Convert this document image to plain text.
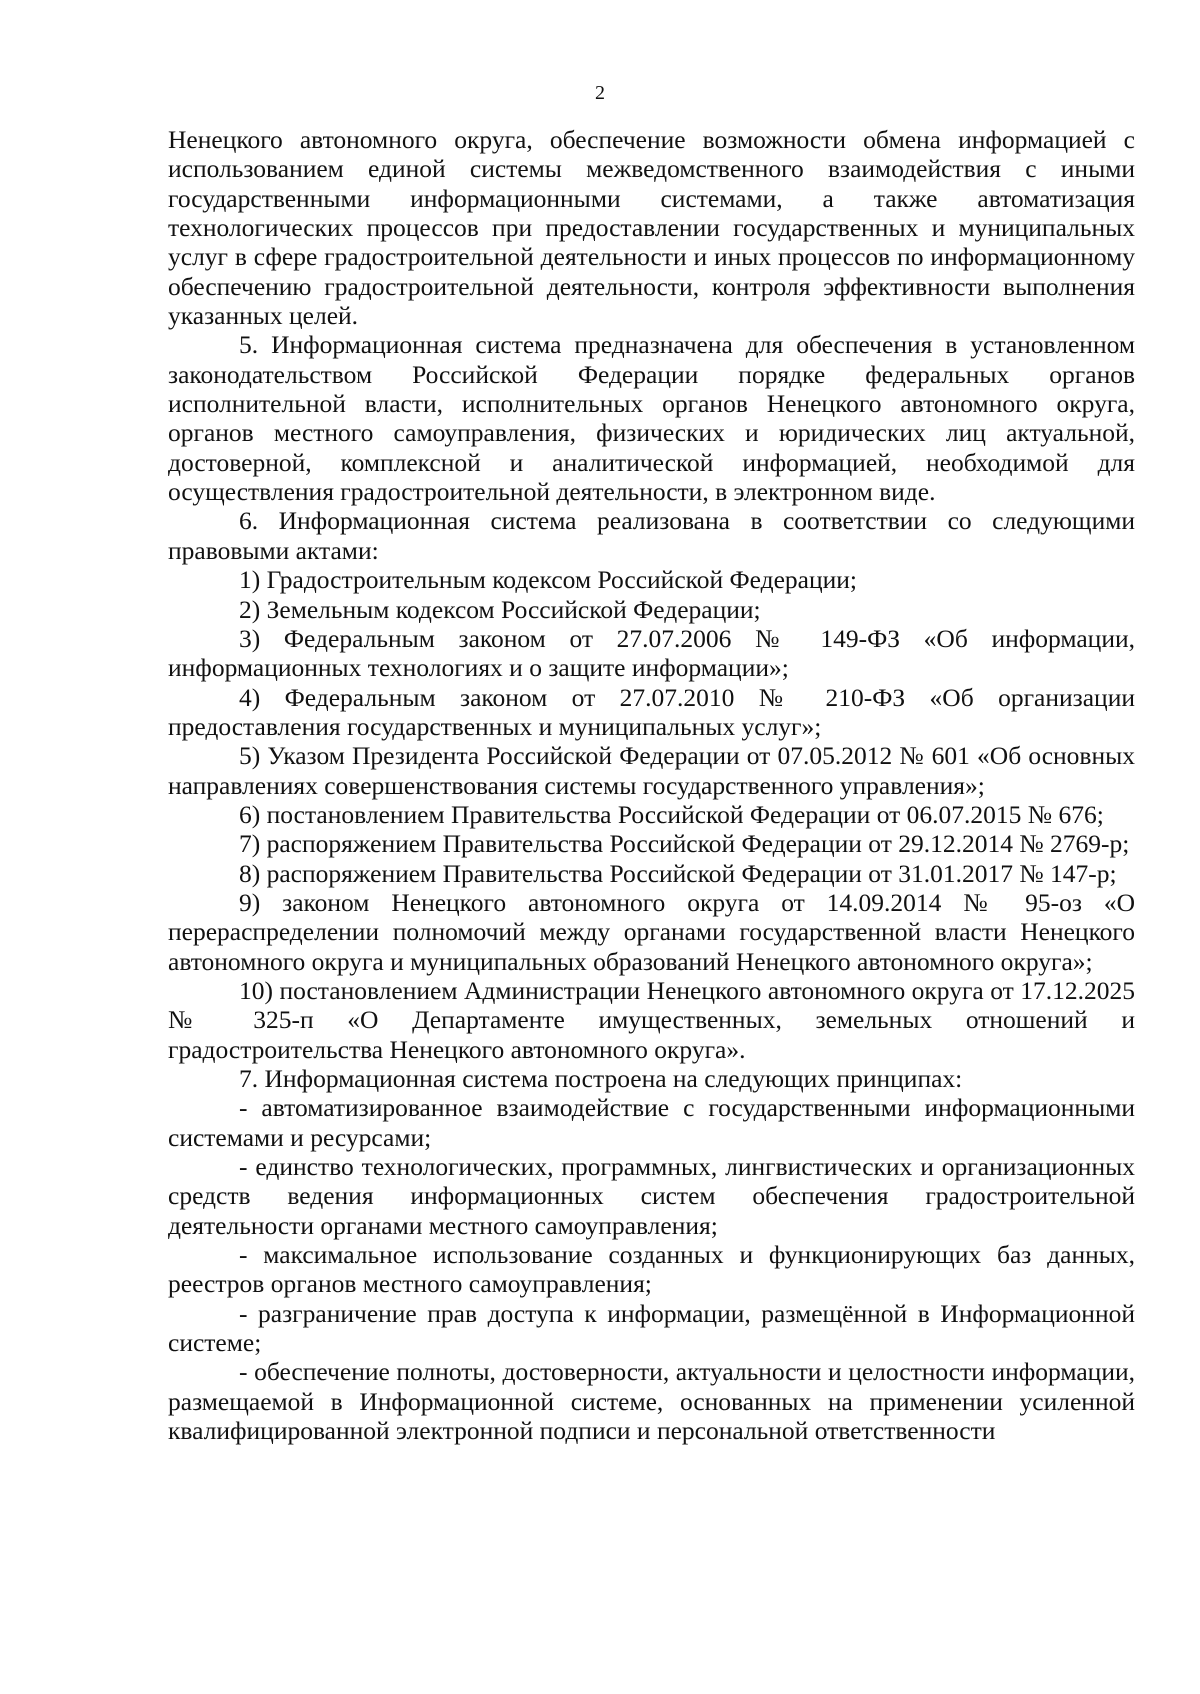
2

Ненецкого автономного округа, обеспечение возможности обмена информацией с использованием единой системы межведомственного взаимодействия с иными государственными информационными системами, а также автоматизация технологических процессов при предоставлении государственных и муниципальных услуг в сфере градостроительной деятельности и иных процессов по информационному обеспечению градостроительной деятельности, контроля эффективности выполнения указанных целей.

5. Информационная система предназначена для обеспечения в установленном законодательством Российской Федерации порядке федеральных органов исполнительной власти, исполнительных органов Ненецкого автономного округа, органов местного самоуправления, физических и юридических лиц актуальной, достоверной, комплексной и аналитической информацией, необходимой для осуществления градостроительной деятельности, в электронном виде.

6. Информационная система реализована в соответствии со следующими правовыми актами:

1) Градостроительным кодексом Российской Федерации;

2) Земельным кодексом Российской Федерации;

3) Федеральным законом от 27.07.2006 № 149-ФЗ «Об информации, информационных технологиях и о защите информации»;

4) Федеральным законом от 27.07.2010 № 210-ФЗ «Об организации предоставления государственных и муниципальных услуг»;

5) Указом Президента Российской Федерации от 07.05.2012 № 601 «Об основных направлениях совершенствования системы государственного управления»;

6) постановлением Правительства Российской Федерации от 06.07.2015 № 676;

7) распоряжением Правительства Российской Федерации от 29.12.2014 № 2769-р;

8) распоряжением Правительства Российской Федерации от 31.01.2017 № 147-р;

9) законом Ненецкого автономного округа от 14.09.2014 № 95-оз «О перераспределении полномочий между органами государственной власти Ненецкого автономного округа и муниципальных образований Ненецкого автономного округа»;

10) постановлением Администрации Ненецкого автономного округа от 17.12.2025 № 325-п «О Департаменте имущественных, земельных отношений и градостроительства Ненецкого автономного округа».

7. Информационная система построена на следующих принципах:

- автоматизированное взаимодействие с государственными информационными системами и ресурсами;

- единство технологических, программных, лингвистических и организационных средств ведения информационных систем обеспечения градостроительной деятельности органами местного самоуправления;

- максимальное использование созданных и функционирующих баз данных, реестров органов местного самоуправления;

- разграничение прав доступа к информации, размещённой в Информационной системе;

- обеспечение полноты, достоверности, актуальности и целостности информации, размещаемой в Информационной системе, основанных на применении усиленной квалифицированной электронной подписи и персональной ответственности
